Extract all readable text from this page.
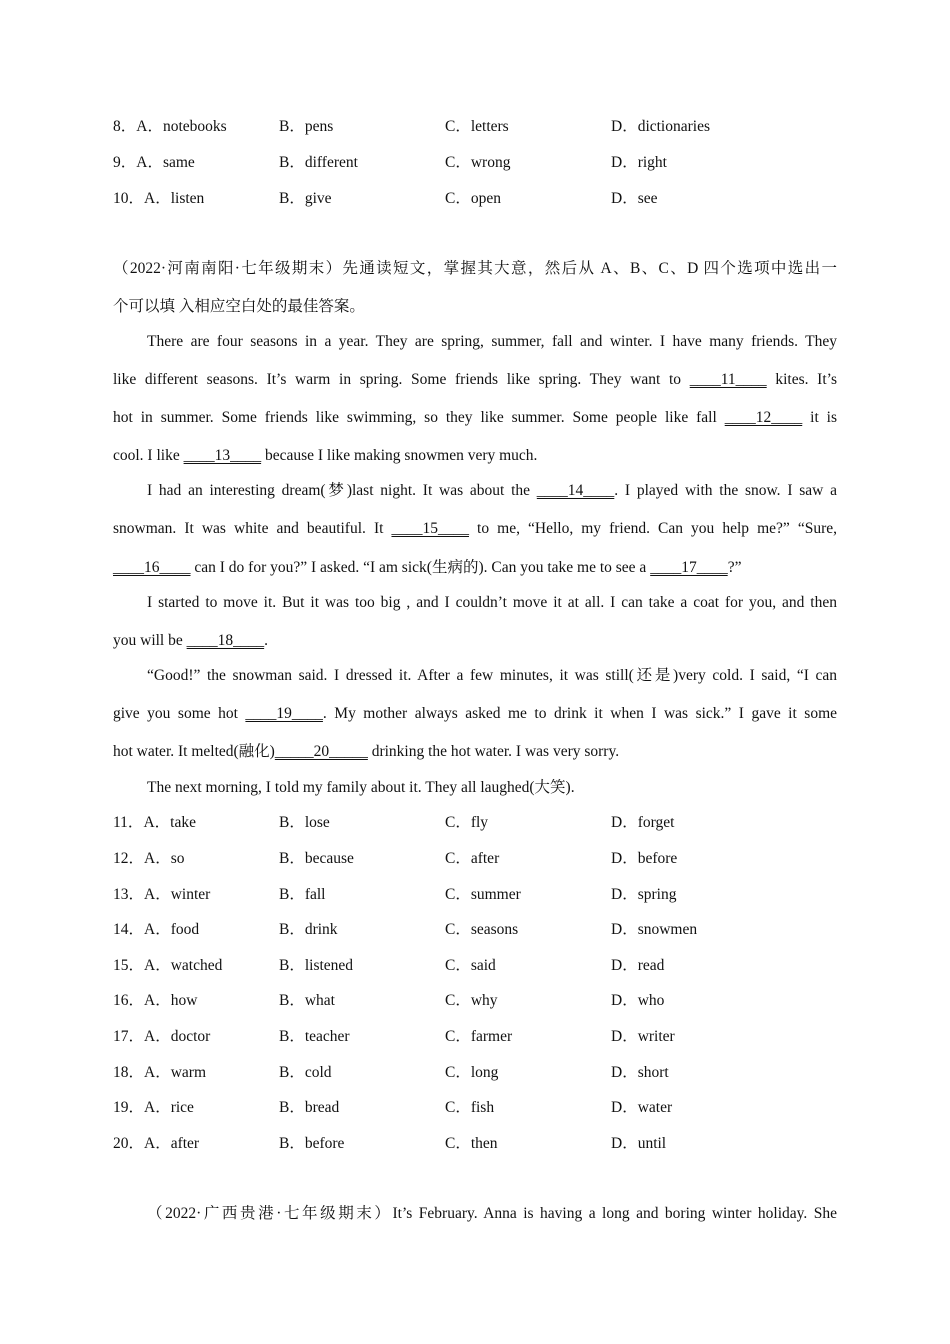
8．A．notebooks	B．pens	C．letters	D．dictionaries
9．A．same	B．different	C．wrong	D．right
10．A．listen	B．give	C．open	D．see
（2022·河南南阳·七年级期末）先通读短文，掌握其大意，然后从 A、B、C、D 四个选项中选出一
个可以填 入相应空白处的最佳答案。
There are four seasons in a year. They are spring, summer, fall and winter. I have many friends. They
like different seasons. It’s warm in spring. Some friends like spring. They want to ____11____ kites. It’s
hot in summer. Some friends like swimming, so they like summer. Some people like fall ____12____ it is
cool. I like ____13____ because I like making snowmen very much.
I had an interesting dream(梦)last night. It was about the ____14____. I played with the snow. I saw a
snowman. It was white and beautiful. It ____15____ to me, “Hello, my friend. Can you help me?” “Sure,
____16____ can I do for you?” I asked. “I am sick(生病的). Can you take me to see a ____17____?”
I started to move it. But it was too big , and I couldn’t move it at all. I can take a coat for you, and then
you will be ____18____.
“Good!” the snowman said. I dressed it. After a few minutes, it was still(还是)very cold. I said, “I can
give you some hot ____19____. My mother always asked me to drink it when I was sick.” I gave it some
hot water. It melted(融化)_____20_____ drinking the hot water. I was very sorry.
The next morning, I told my family about it. They all laughed(大笑).
11．A．take	B．lose	C．fly	D．forget
12．A．so	B．because	C．after	D．before
13．A．winter	B．fall	C．summer	D．spring
14．A．food	B．drink	C．seasons	D．snowmen
15．A．watched	B．listened	C．said	D．read
16．A．how	B．what	C．why	D．who
17．A．doctor	B．teacher	C．farmer	D．writer
18．A．warm	B．cold	C．long	D．short
19．A．rice	B．bread	C．fish	D．water
20．A．after	B．before	C．then	D．until
（2022·广西贵港·七年级期末）It’s February. Anna is having a long and boring winter holiday. She
